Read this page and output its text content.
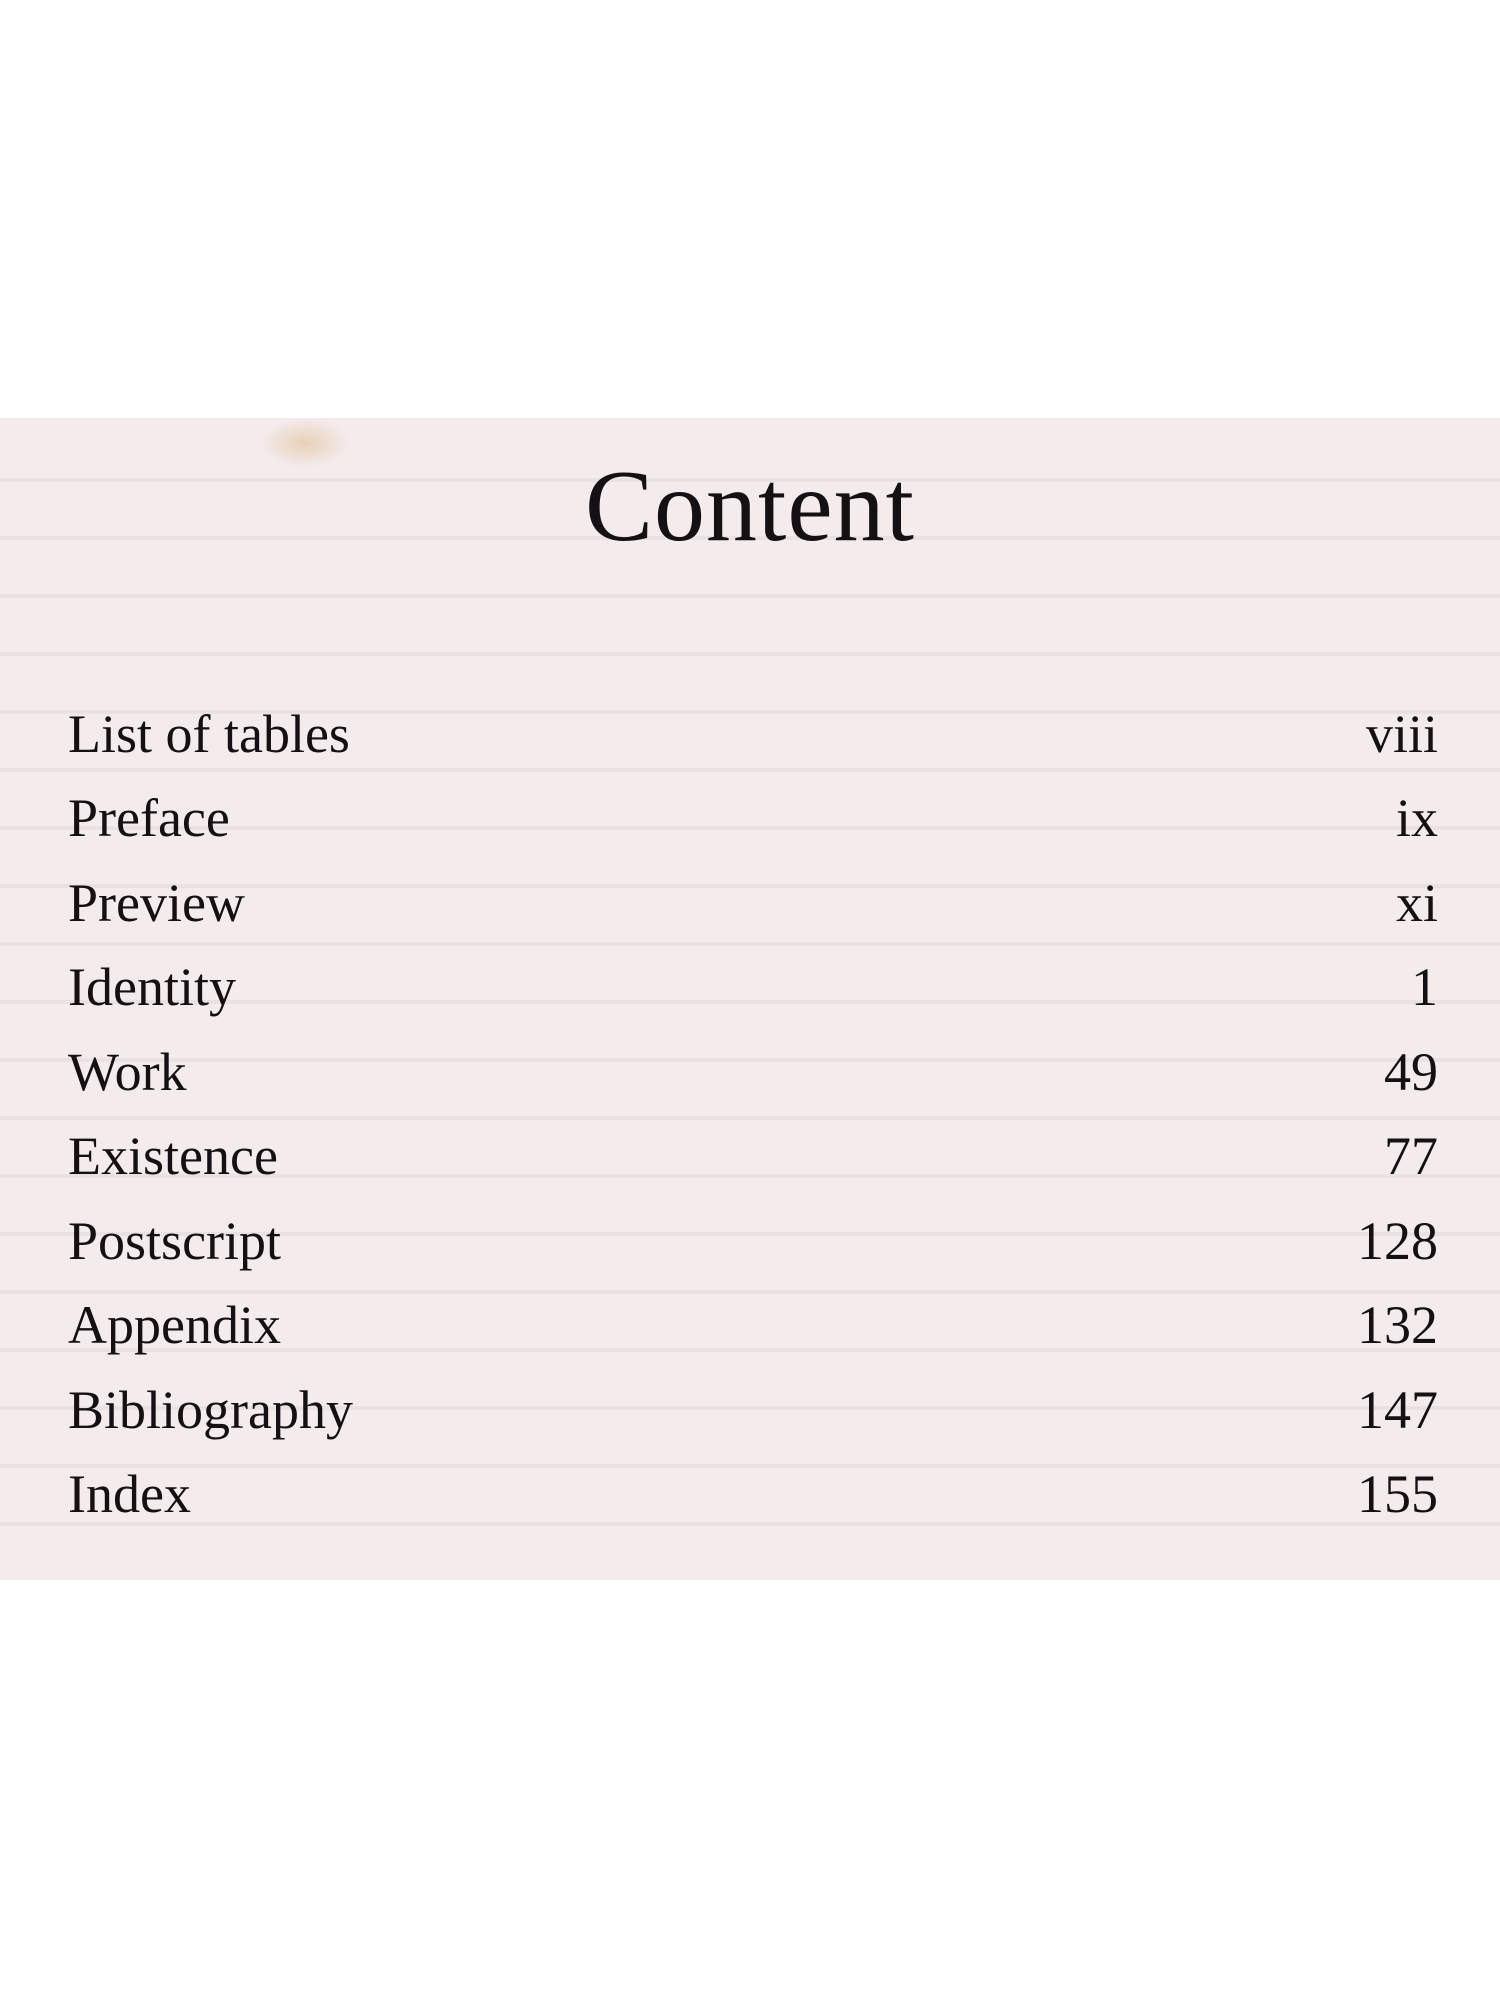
Content
List of tables	viii
Preface	ix
Preview	xi
Identity	1
Work	49
Existence	77
Postscript	128
Appendix	132
Bibliography	147
Index	155
